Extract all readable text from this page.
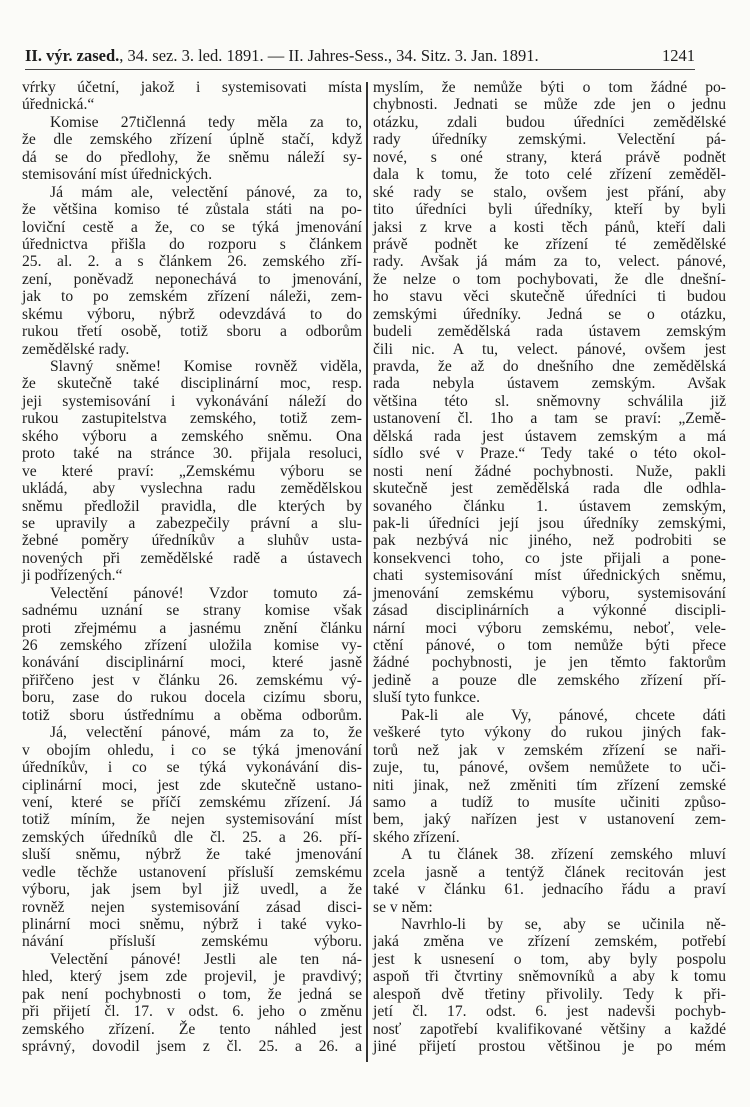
II. výr. zased., 34. sez. 3. led. 1891. — II. Jahres-Sess., 34. Sitz. 3. Jan. 1891.	1241
vŕrky účetní, jakož i systemisovati místa
úřednická.“
Komise 27tičlenná tedy měla za to,
že dle zemského zřízení úplně stačí, když
dá se do předlohy, že sněmu náleží sy-
stemisování míst úřednických.
Já mám ale, velectění pánové, za to,
že většina komiso té zůstala státi na po-
loviční cestě a že, co se týká jmenování
úřednictva přišla do rozporu s článkem
25. al. 2. a s článkem 26. zemského zří-
zení, poněvadž neponechává to jmenování,
jak to po zemském zřízení náleži, zem-
skému výboru, nýbrž odevzdává to do
rukou třetí osobě, totiž sboru a odborům
zemědělské rady.
Slavný sněme! Komise rovněž viděla,
že skutečně také disciplinární moc, resp.
jeji systemisování i vykonávání náleží do
rukou zastupitelstva zemského, totiž zem-
ského výboru a zemského sněmu. Ona
proto také na stránce 30. přijala resoluci,
ve které praví: „Zemskému výboru se
ukládá, aby vyslechna radu zemědělskou
sněmu předložil pravidla, dle kterých by
se upravily a zabezpečily právní a slu-
žebné poměry úředníkův a sluhův usta-
novených při zemědělské radě a ústavech
ji podřízených.“
Velectění pánové! Vzdor tomuto zá-
sadnému uznání se strany komise však
proti zřejmému a jasnému znění článku
26 zemského zřízení uložila komise vy-
konávání disciplinární moci, které jasně
přiřčeno jest v článku 26. zemskému vý-
boru, zase do rukou docela cizímu sboru,
totiž sboru ústřednímu a oběma odborům.
Já, velectění pánové, mám za to, že
v obojím ohledu, i co se týká jmenování
úředníkův, i co se týká vykonávání dis-
ciplinární moci, jest zde skutečně ustano-
vení, které se příčí zemskému zřízení. Já
totiž míním, že nejen systemisování míst
zemských úředníků dle čl. 25. a 26. pří-
sluší sněmu, nýbrž že také jmenování
vedle těchže ustanovení přísluší zemskému
výboru, jak jsem byl již uvedl, a že
rovněž nejen systemisování zásad disci-
plinární moci sněmu, nýbrž i také vyko-
návání přísluší zemskému výboru.
Velectění pánové! Jestli ale ten ná-
hled, který jsem zde projevil, je pravdivý;
pak není pochybnosti o tom, že jedná se
při přijetí čl. 17. v odst. 6. jeho o změnu
zemského zřízení. Že tento náhled jest
správný, dovodil jsem z čl. 25. a 26. a
myslím, že nemůže býti o tom žádné po-
chybnosti. Jednati se může zde jen o jednu
otázku, zdali budou úředníci zemědělské
rady úředníky zemskými. Velectění pá-
nové, s oné strany, která právě podnět
dala k tomu, že toto celé zřízení zeměděl-
ské rady se stalo, ovšem jest přání, aby
tito úředníci byli úředníky, kteří by byli
jaksi z krve a kosti těch pánů, kteří dali
právě podnět ke zřízení té zemědělské
rady. Avšak já mám za to, velect. pánové,
že nelze o tom pochybovati, že dle dnešní-
ho stavu věci skutečně úředníci ti budou
zemskými úředníky. Jedná se o otázku,
budeli zemědělská rada ústavem zemským
čili nic. A tu, velect. pánové, ovšem jest
pravda, že až do dnešního dne zemědělská
rada nebyla ústavem zemským. Avšak
většina této sl. sněmovny schválila již
ustanovení čl. 1ho a tam se praví: „Země-
dělská rada jest ústavem zemským a má
sídlo své v Praze.“ Tedy také o této okol-
nosti není žádné pochybnosti. Nuže, pakli
skutečně jest zemědělská rada dle odhla-
sovaného článku 1. ústavem zemským,
pak-li úředníci její jsou úředníky zemskými,
pak nezbývá nic jiného, než podrobiti se
konsekvenci toho, co jste přijali a pone-
chati systemisování míst úřednických sněmu,
jmenování zemskému výboru, systemisování
zásad disciplinárních a výkonné discipli-
nární moci výboru zemskému, neboť, vele-
ctění pánové, o tom nemůže býti přece
žádné pochybnosti, je jen těmto faktorům
jedině a pouze dle zemského zřízení pří-
sluší tyto funkce.
Pak-li ale Vy, pánové, chcete dáti
veškeré tyto výkony do rukou jiných fak-
torů než jak v zemském zřízení se naři-
zuje, tu, pánové, ovšem nemůžete to uči-
niti jinak, než změniti tím zřízení zemské
samo a tudíž to musíte učiniti způso-
bem, jaký nařízen jest v ustanovení zem-
ského zřízení.
A tu článek 38. zřízení zemského mluví
zcela jasně a tentýž článek recitován jest
také v článku 61. jednacího řádu a praví
se v něm:
Navrhlo-li by se, aby se učinila ně-
jaká změna ve zřízení zemském, potřebí
jest k usnesení o tom, aby byly pospolu
aspoň tři čtvrtiny sněmovníků a aby k tomu
alespoň dvě třetiny přivolily. Tedy k při-
jetí čl. 17. odst. 6. jest nadevši pochyb-
nosť zapotřebí kvalifikované většiny a každé
jiné přijetí prostou většinou je po mém
